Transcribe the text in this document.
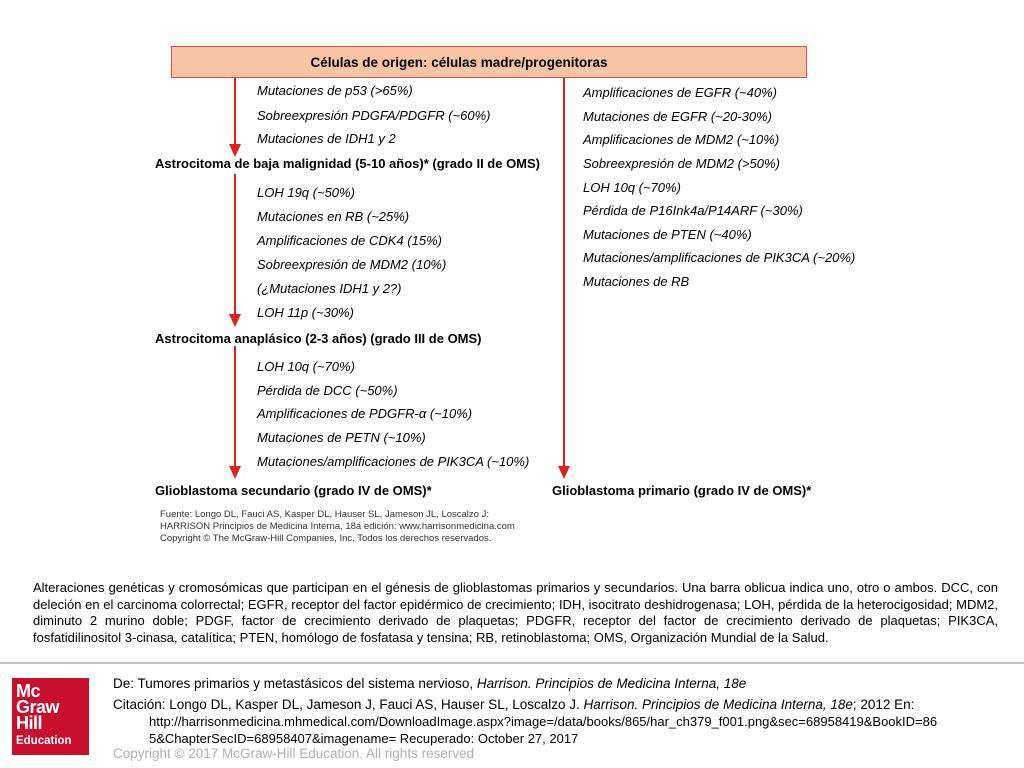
Células de origen: células madre/progenitoras
Mutaciones de p53 (>65%)
Sobreexpresión PDGFA/PDGFR (~60%)
Mutaciones de IDH1 y 2
Astrocitoma de baja malignidad (5-10 años)* (grado II de OMS)
LOH 19q (~50%)
Mutaciones en RB (~25%)
Amplificaciones de CDK4 (15%)
Sobreexpresión de MDM2 (10%)
(¿Mutaciones IDH1 y 2?)
LOH 11p (~30%)
Astrocitoma anaplásico (2-3 años) (grado III de OMS)
LOH 10q (~70%)
Pérdida de DCC (~50%)
Amplificaciones de PDGFR-α (~10%)
Mutaciones de PETN (~10%)
Mutaciones/amplificaciones de PIK3CA (~10%)
Glioblastoma secundario (grado IV de OMS)*
Amplificaciones de EGFR (~40%)
Mutaciones de EGFR (~20-30%)
Amplificaciones de MDM2 (~10%)
Sobreexpresión de MDM2 (>50%)
LOH 10q (~70%)
Pérdida de P16Ink4a/P14ARF (~30%)
Mutaciones de PTEN (~40%)
Mutaciones/amplificaciones de PIK3CA (~20%)
Mutaciones de RB
Glioblastoma primario (grado IV de OMS)*
Fuente: Longo DL, Fauci AS, Kasper DL, Hauser SL, Jameson JL, Loscalzo J:
HARRISON Principios de Medicina Interna, 18a edición: www.harrisonmedicina.com
Copyright © The McGraw-Hill Companies, Inc. Todos los derechos reservados.
Alteraciones genéticas y cromosómicas que participan en el génesis de glioblastomas primarios y secundarios. Una barra oblicua indica uno, otro o ambos. DCC, con deleción en el carcinoma colorrectal; EGFR, receptor del factor epidérmico de crecimiento; IDH, isocitrato deshidrogenasa; LOH, pérdida de la heterocigosidad; MDM2, diminuto 2 murino doble; PDGF, factor de crecimiento derivado de plaquetas; PDGFR, receptor del factor de crecimiento derivado de plaquetas; PIK3CA, fosfatidilinositol 3-cinasa, catalítica; PTEN, homólogo de fosfatasa y tensina; RB, retinoblastoma; OMS, Organización Mundial de la Salud.
Mc
Graw
Hill
Education
De: Tumores primarios y metastásicos del sistema nervioso, Harrison. Principios de Medicina Interna, 18e
Citación: Longo DL, Kasper DL, Jameson J, Fauci AS, Hauser SL, Loscalzo J. Harrison. Principios de Medicina Interna, 18e; 2012 En:
http://harrisonmedicina.mhmedical.com/DownloadImage.aspx?image=/data/books/865/har_ch379_f001.png&sec=68958419&BookID=86
5&ChapterSecID=68958407&imagename= Recuperado: October 27, 2017
Copyright © 2017 McGraw-Hill Education. All rights reserved
